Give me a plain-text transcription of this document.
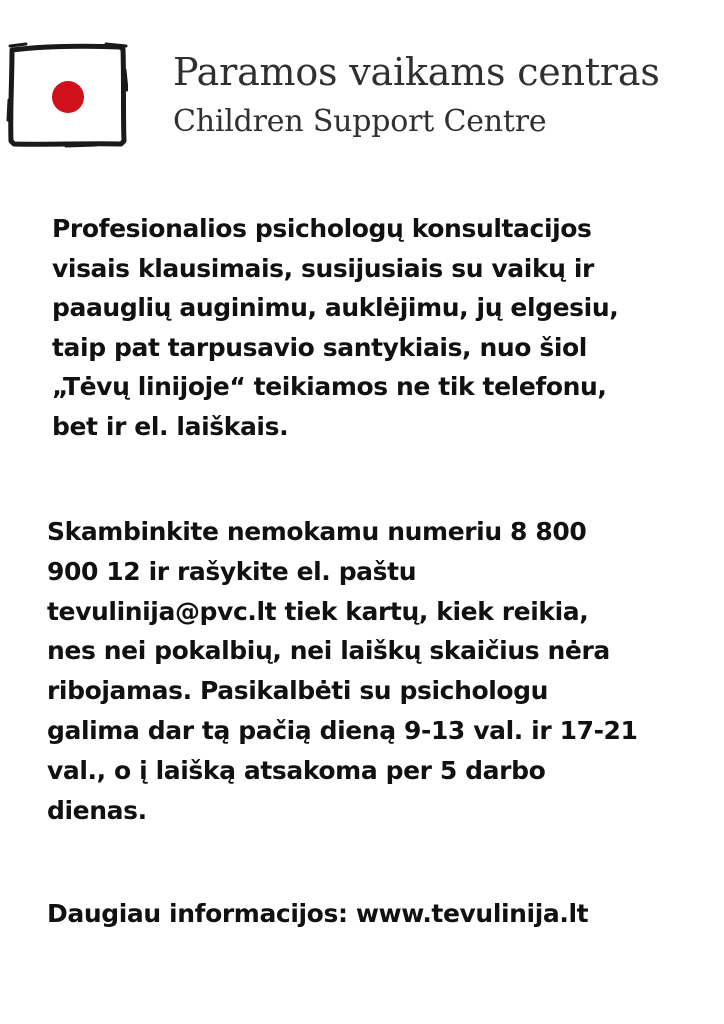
Paramos vaikams centras
Children Support Centre

Profesionalios psichologų konsultacijos
visais klausimais, susijusiais su vaikų ir
paauglių auginimu, auklėjimu, jų elgesiu,
taip pat tarpusavio santykiais, nuo šiol
„Tėvų linijoje“ teikiamos ne tik telefonu,
bet ir el. laiškais.

Skambinkite nemokamu numeriu 8 800
900 12 ir rašykite el. paštu
tevulinija@pvc.lt tiek kartų, kiek reikia,
nes nei pokalbių, nei laiškų skaičius nėra
ribojamas. Pasikalbėti su psichologu
galima dar tą pačią dieną 9-13 val. ir 17-21
val., o į laišką atsakoma per 5 darbo
dienas.

Daugiau informacijos: www.tevulinija.lt
